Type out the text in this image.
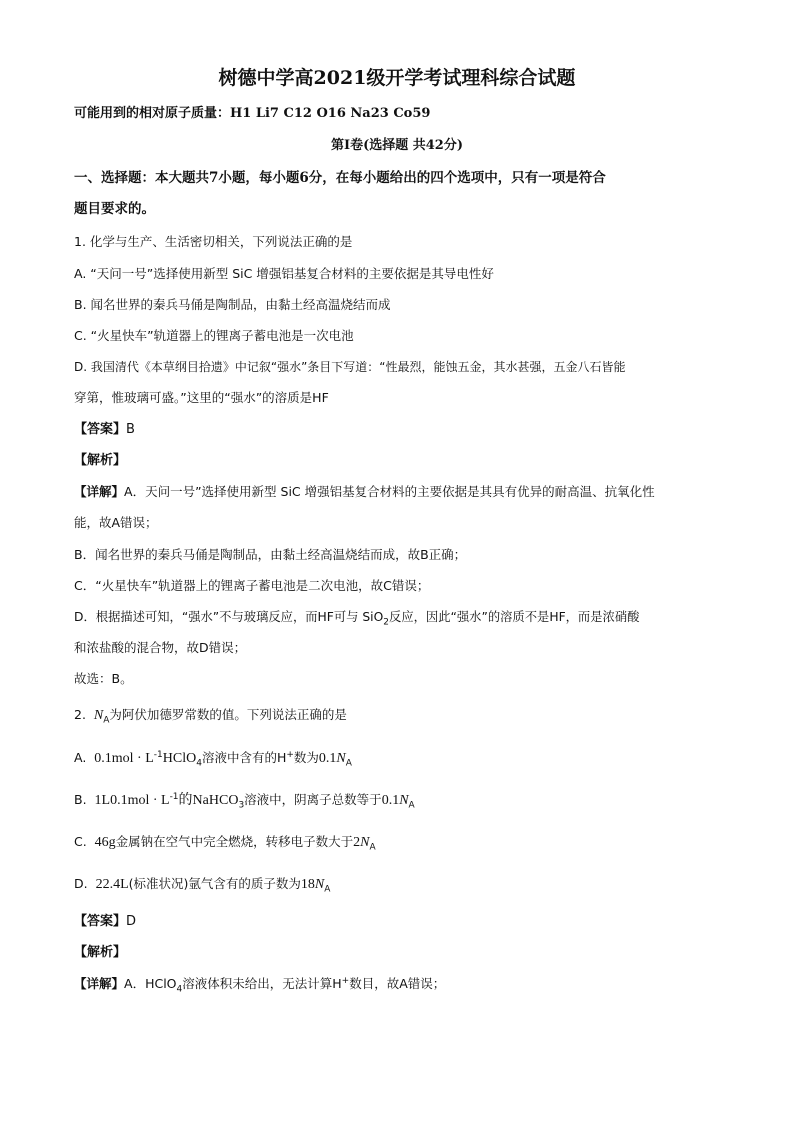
树德中学高2021级开学考试理科综合试题
可能用到的相对原子质量：H1 Li7 C12 O16 Na23 Co59
第I卷(选择题 共42分)
一、选择题：本大题共7小题，每小题6分，在每小题给出的四个选项中，只有一项是符合
题目要求的。
1. 化学与生产、生活密切相关，下列说法正确的是
A. “天问一号”选择使用新型 SiC 增强铝基复合材料的主要依据是其导电性好
B. 闻名世界的秦兵马俑是陶制品，由黏土经高温烧结而成
C. “火星快车”轨道器上的锂离子蓄电池是一次电池
D. 我国清代《本草纲目拾遗》中记叙“强水”条目下写道：“性最烈，能蚀五金，其水甚强，五金八石皆能
穿第，惟玻璃可盛。”这里的“强水”的溶质是HF
【答案】B
【解析】
【详解】A．天问一号”选择使用新型 SiC 增强铝基复合材料的主要依据是其具有优异的耐高温、抗氧化性
能，故A错误；
B．闻名世界的秦兵马俑是陶制品，由黏土经高温烧结而成，故B正确；
C．“火星快车”轨道器上的锂离子蓄电池是二次电池，故C错误；
D．根据描述可知，“强水”不与玻璃反应，而HF可与 SiO$_2$反应，因此“强水”的溶质不是HF，而是浓硝酸
和浓盐酸的混合物，故D错误；
故选：B。
2. $N_A$为阿伏加德罗常数的值。下列说法正确的是
A. $0.1mol \cdot L^{-1}HClO_4$溶液中含有的H+数为$0.1N_A$
B. $1L0.1mol \cdot L^{-1}$的NaHCO$_3$溶液中，阴离子总数等于$0.1N_A$
C. 46g金属钠在空气中完全燃烧，转移电子数大于$2N_A$
D. 22.4L(标准状况)氩气含有的质子数为$18N_A$
【答案】D
【解析】
【详解】A．HClO$_4$溶液体积未给出，无法计算H+数目，故A错误；
